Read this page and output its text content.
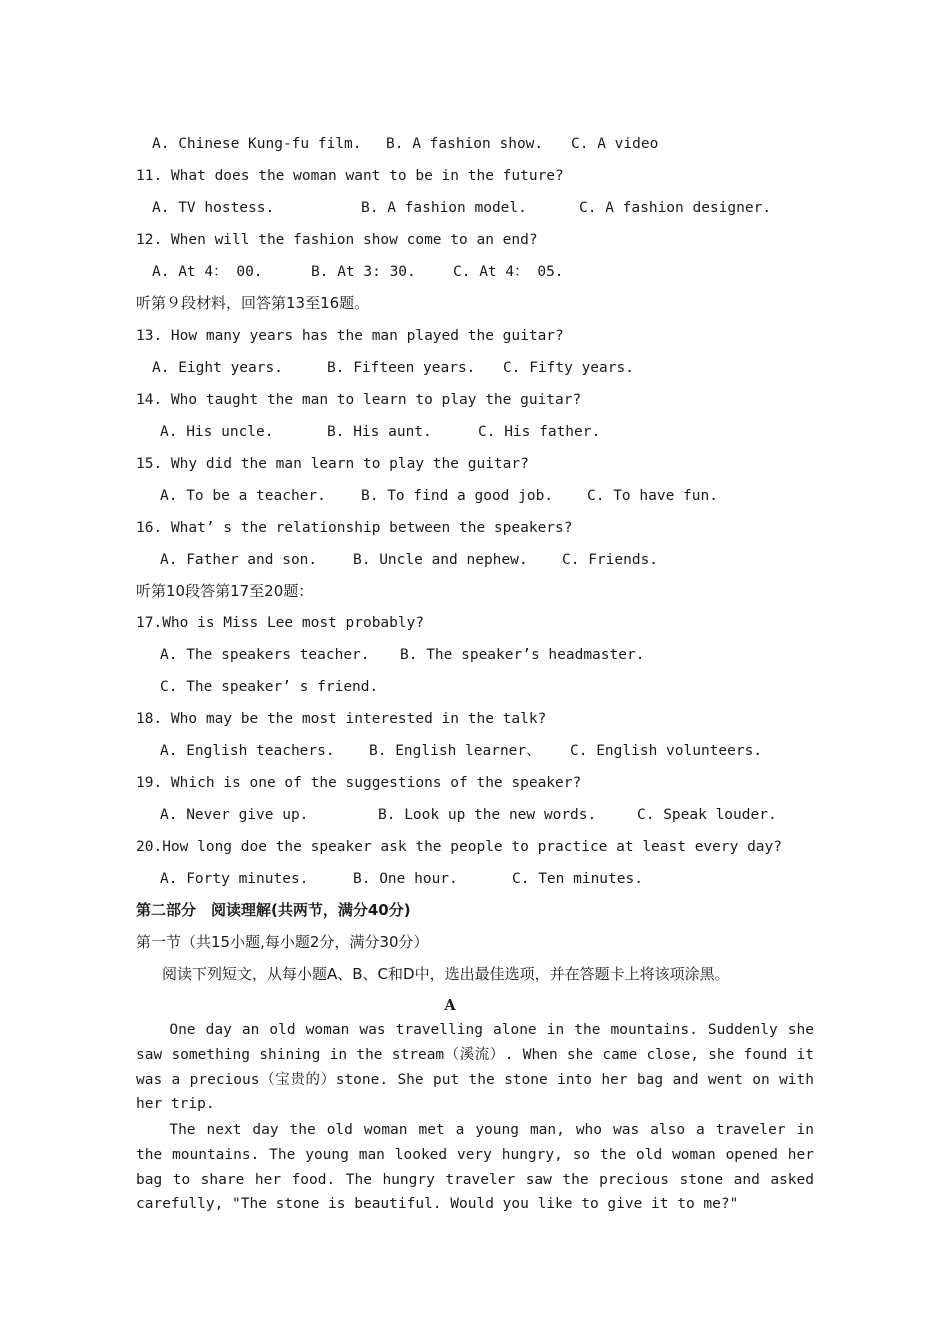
A. Chinese Kung-fu film. B. A fashion show. C. A video
11. What does the woman want to be in the future?
A. TV hostess.	B. A fashion model.	C. A fashion designer.
12. When will the fashion show come to an end?
A. At 4： 00.	B. At 3: 30.	C. At 4： 05.
听第９段材料，回答第13至16题。
13. How many years has the man played the guitar?
A. Eight years.	B. Fifteen years. C. Fifty years.
14. Who taught the man to learn to play the guitar?
A. His uncle.	B. His aunt.	C. His father.
15. Why did the man learn to play the guitar?
A. To be a teacher. B. To find a good job. C. To have fun.
16. What’ s the relationship between the speakers?
A. Father and son. B. Uncle and nephew. C. Friends.
听第10段答第17至20题：
17.Who is Miss Lee most probably?
A. The speakers teacher. B. The speaker’s headmaster.
C. The speaker’ s friend.
18. Who may be the most interested in the talk?
A. English teachers. B. English learner、 C. English volunteers.
19. Which is one of the suggestions of the speaker?
A. Never give up.	B. Look up the new words.	C. Speak louder.
20.How long doe the speaker ask the people to practice at least every day?
A. Forty minutes.	B. One hour.	C. Ten minutes.
第二部分　阅读理解(共两节，满分40分)
第一节（共15小题,每小题2分，满分30分）
阅读下列短文，从每小题A、B、C和D中，选出最佳选项，并在答题卡上将该项涂黑。
A
One day an old woman was travelling alone in the mountains. Suddenly she saw something shining in the stream（溪流）. When she came close, she found it was a precious（宝贵的）stone. She put the stone into her bag and went on with her trip.
The next day the old woman met a young man, who was also a traveler in the mountains. The young man looked very hungry, so the old woman opened her bag to share her food. The hungry traveler saw the precious stone and asked carefully, "The stone is beautiful. Would you like to give it to me?"
